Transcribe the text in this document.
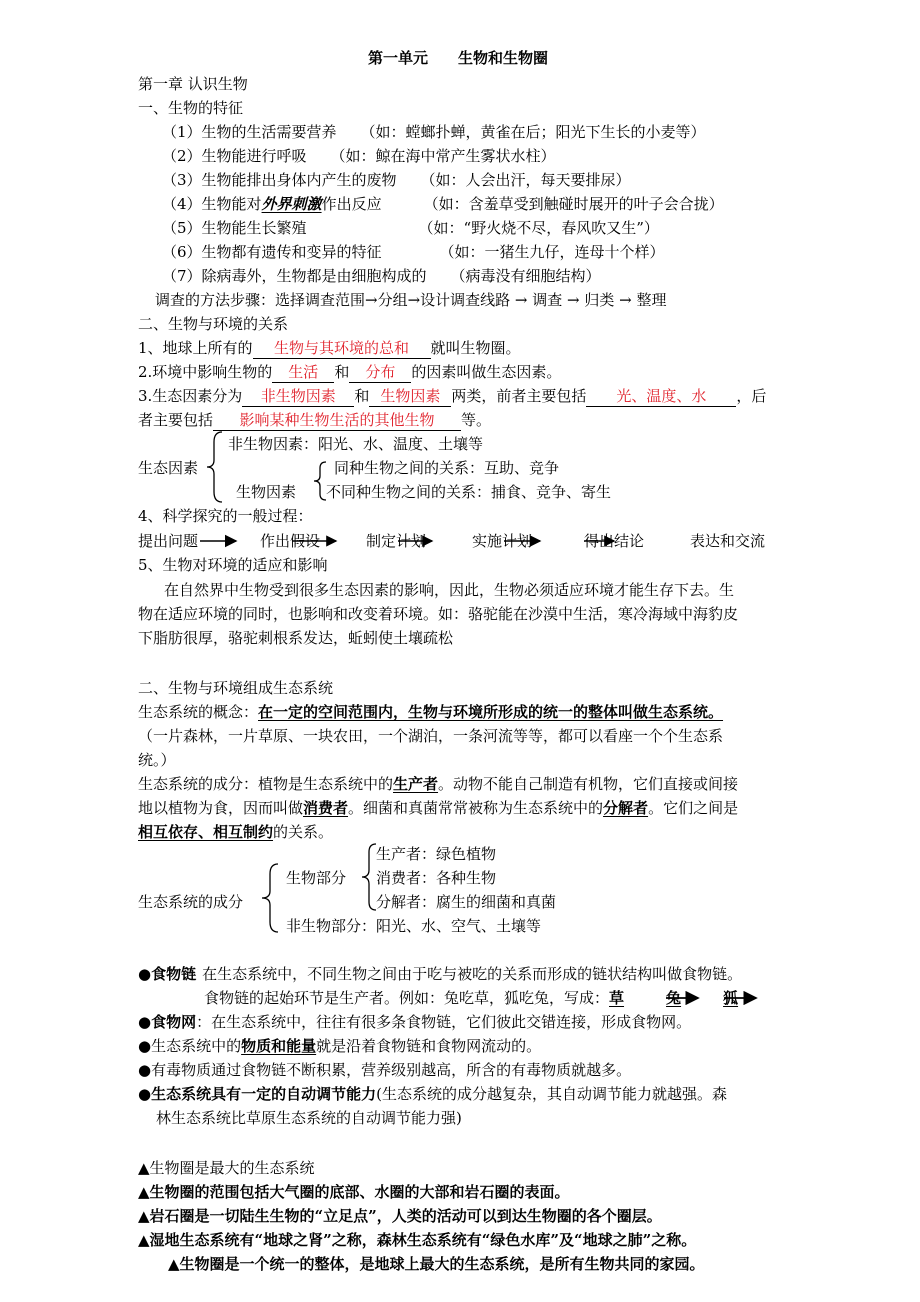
第一单元　　生物和生物圈
第一章 认识生物
一、生物的特征
（1）生物的生活需要营养 （如：螳螂扑蝉，黄雀在后；阳光下生长的小麦等）
（2）生物能进行呼吸 （如：鲸在海中常产生雾状水柱）
（3）生物能排出身体内产生的废物 （如：人会出汗，每天要排尿）
（4）生物能对外界刺激作出反应	（如：含羞草受到触碰时展开的叶子会合拢）
（5）生物能生长繁殖	（如：“野火烧不尽，春风吹又生”）
（6）生物都有遗传和变异的特征	（如：一猪生九仔，连母十个样）
（7）除病毒外，生物都是由细胞构成的 （病毒没有细胞结构）
调查的方法步骤：选择调查范围→分组→设计调查线路 → 调查 → 归类 → 整理
二、生物与环境的关系
1、地球上所有的 生物与其环境的总和 就叫生物圈。
2.环境中影响生物的 生活 和 分布 的因素叫做生态因素。
3.生态因素分为 非生物因素 和 生物因素 两类，前者主要包括 光、温度、水 ，后
者主要包括 影响某种生物生活的其他生物 等。
生态因素
非生物因素：阳光、水、温度、土壤等
生物因素
同种生物之间的关系：互助、竞争
不同种生物之间的关系：捕食、竞争、寄生
4、科学探究的一般过程：
提出问题	作出假设	制定计划	实施计划	得出结论	表达和交流
5、生物对环境的适应和影响
在自然界中生物受到很多生态因素的影响，因此，生物必须适应环境才能生存下去。生
物在适应环境的同时，也影响和改变着环境。如：骆驼能在沙漠中生活，寒冷海域中海豹皮
下脂肪很厚，骆驼刺根系发达，蚯蚓使土壤疏松
二、生物与环境组成生态系统
生态系统的概念：在一定的空间范围内，生物与环境所形成的统一的整体叫做生态系统。
（一片森林，一片草原、一块农田，一个湖泊，一条河流等等，都可以看座一个个生态系
统。）
生态系统的成分：植物是生态系统中的生产者。动物不能自己制造有机物，它们直接或间接
地以植物为食，因而叫做消费者。细菌和真菌常常被称为生态系统中的分解者。它们之间是
相互依存、相互制约的关系。
生态系统的成分
生物部分
生产者：绿色植物
消费者：各种生物
分解者：腐生的细菌和真菌
非生物部分：阳光、水、空气、土壤等
●食物链 在生态系统中，不同生物之间由于吃与被吃的关系而形成的链状结构叫做食物链。
食物链的起始环节是生产者。例如：兔吃草，狐吃兔，写成：草	兔	狐
●食物网：在生态系统中，往往有很多条食物链，它们彼此交错连接，形成食物网。
●生态系统中的物质和能量就是沿着食物链和食物网流动的。
●有毒物质通过食物链不断积累，营养级别越高，所含的有毒物质就越多。
●生态系统具有一定的自动调节能力(生态系统的成分越复杂，其自动调节能力就越强。森
林生态系统比草原生态系统的自动调节能力强)
▲生物圈是最大的生态系统
▲生物圈的范围包括大气圈的底部、水圈的大部和岩石圈的表面。
▲岩石圈是一切陆生生物的“立足点”，人类的活动可以到达生物圈的各个圈层。
▲湿地生态系统有“地球之肾”之称，森林生态系统有“绿色水库”及“地球之肺”之称。
▲生物圈是一个统一的整体，是地球上最大的生态系统，是所有生物共同的家园。
